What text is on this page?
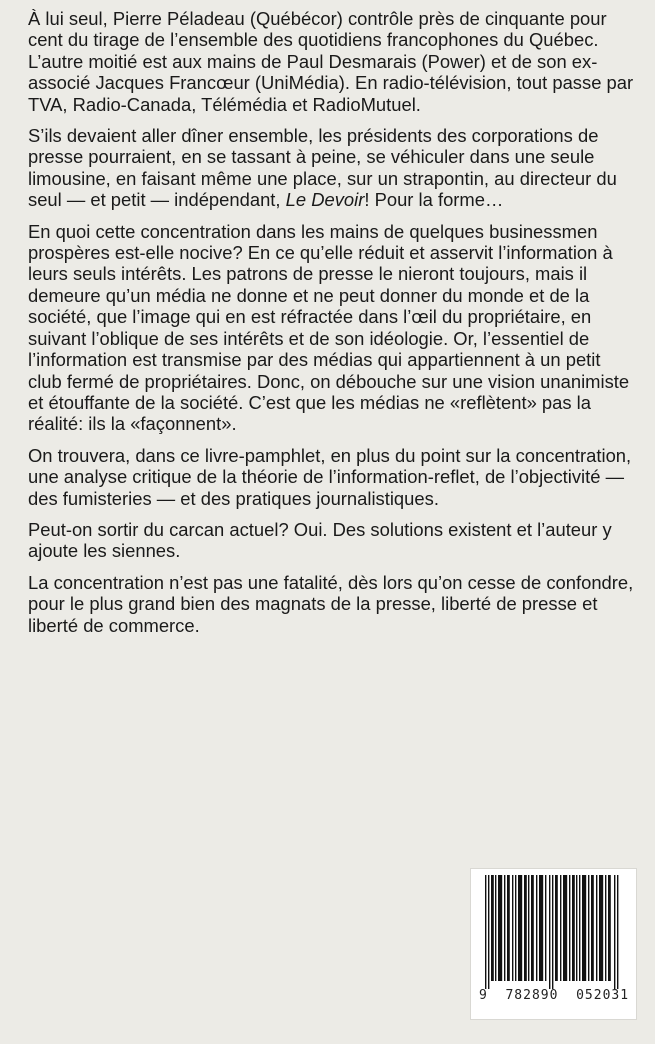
À lui seul, Pierre Péladeau (Québécor) contrôle près de cinquante pour cent du tirage de l’ensemble des quotidiens francophones du Québec. L’autre moitié est aux mains de Paul Desmarais (Power) et de son ex-associé Jacques Francœur (UniMédia). En radio-télévision, tout passe par TVA, Radio-Canada, Télémédia et RadioMutuel.

S’ils devaient aller dîner ensemble, les présidents des corporations de presse pourraient, en se tassant à peine, se véhiculer dans une seule limousine, en faisant même une place, sur un strapontin, au directeur du seul — et petit — indépendant, Le Devoir! Pour la forme…

En quoi cette concentration dans les mains de quelques businessmen prospères est-elle nocive? En ce qu’elle réduit et asservit l’information à leurs seuls intérêts. Les patrons de presse le nieront toujours, mais il demeure qu’un média ne donne et ne peut donner du monde et de la société, que l’image qui en est réfractée dans l’œil du propriétaire, en suivant l’oblique de ses intérêts et de son idéologie. Or, l’essentiel de l’information est transmise par des médias qui appartiennent à un petit club fermé de propriétaires. Donc, on débouche sur une vision unanimiste et étouffante de la société. C’est que les médias ne «reflètent» pas la réalité: ils la «façonnent».

On trouvera, dans ce livre-pamphlet, en plus du point sur la concentration, une analyse critique de la théorie de l’information-reflet, de l’objectivité — des fumisteries — et des pratiques journalistiques.

Peut-on sortir du carcan actuel? Oui. Des solutions existent et l’auteur y ajoute les siennes.

La concentration n’est pas une fatalité, dès lors qu’on cesse de confondre, pour le plus grand bien des magnats de la presse, liberté de presse et liberté de commerce.

9  782890  052031
